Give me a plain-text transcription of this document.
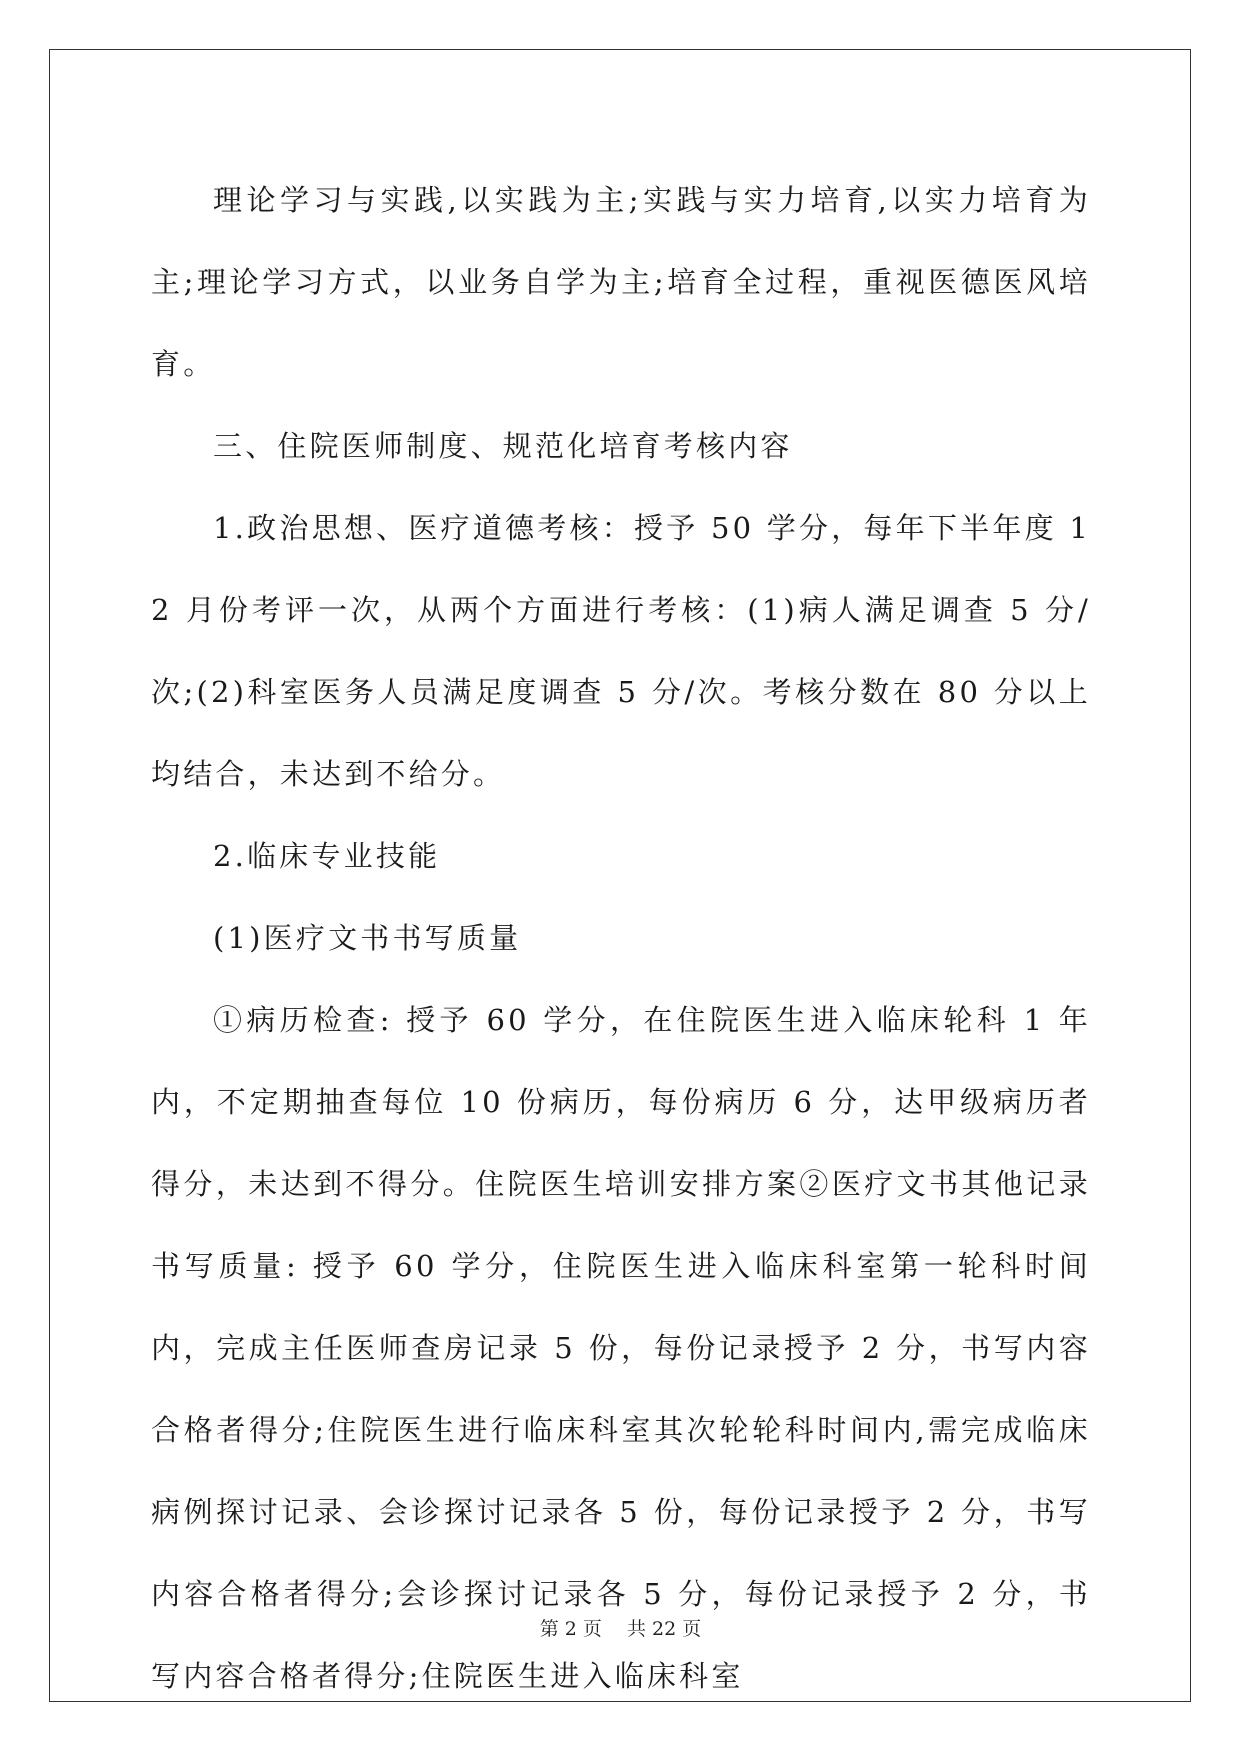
理论学习与实践,以实践为主;实践与实力培育,以实力培育为主;理论学习方式，以业务自学为主;培育全过程，重视医德医风培育。

三、住院医师制度、规范化培育考核内容

1.政治思想、医疗道德考核：授予 50 学分，每年下半年度 12 月份考评一次，从两个方面进行考核：(1)病人满足调查 5 分/次;(2)科室医务人员满足度调查 5 分/次。考核分数在 80 分以上均结合，未达到不给分。

2.临床专业技能

(1)医疗文书书写质量

①病历检查: 授予 60 学分，在住院医生进入临床轮科 1 年内，不定期抽查每位 10 份病历，每份病历 6 分，达甲级病历者得分，未达到不得分。住院医生培训安排方案②医疗文书其他记录书写质量: 授予 60 学分，住院医生进入临床科室第一轮科时间内，完成主任医师查房记录 5 份，每份记录授予 2 分，书写内容合格者得分;住院医生进行临床科室其次轮轮科时间内,需完成临床病例探讨记录、会诊探讨记录各 5 份，每份记录授予 2 分，书写内容合格者得分;会诊探讨记录各 5 分，每份记录授予 2 分，书写内容合格者得分;住院医生进入临床科室

第 2 页　 共 22 页
